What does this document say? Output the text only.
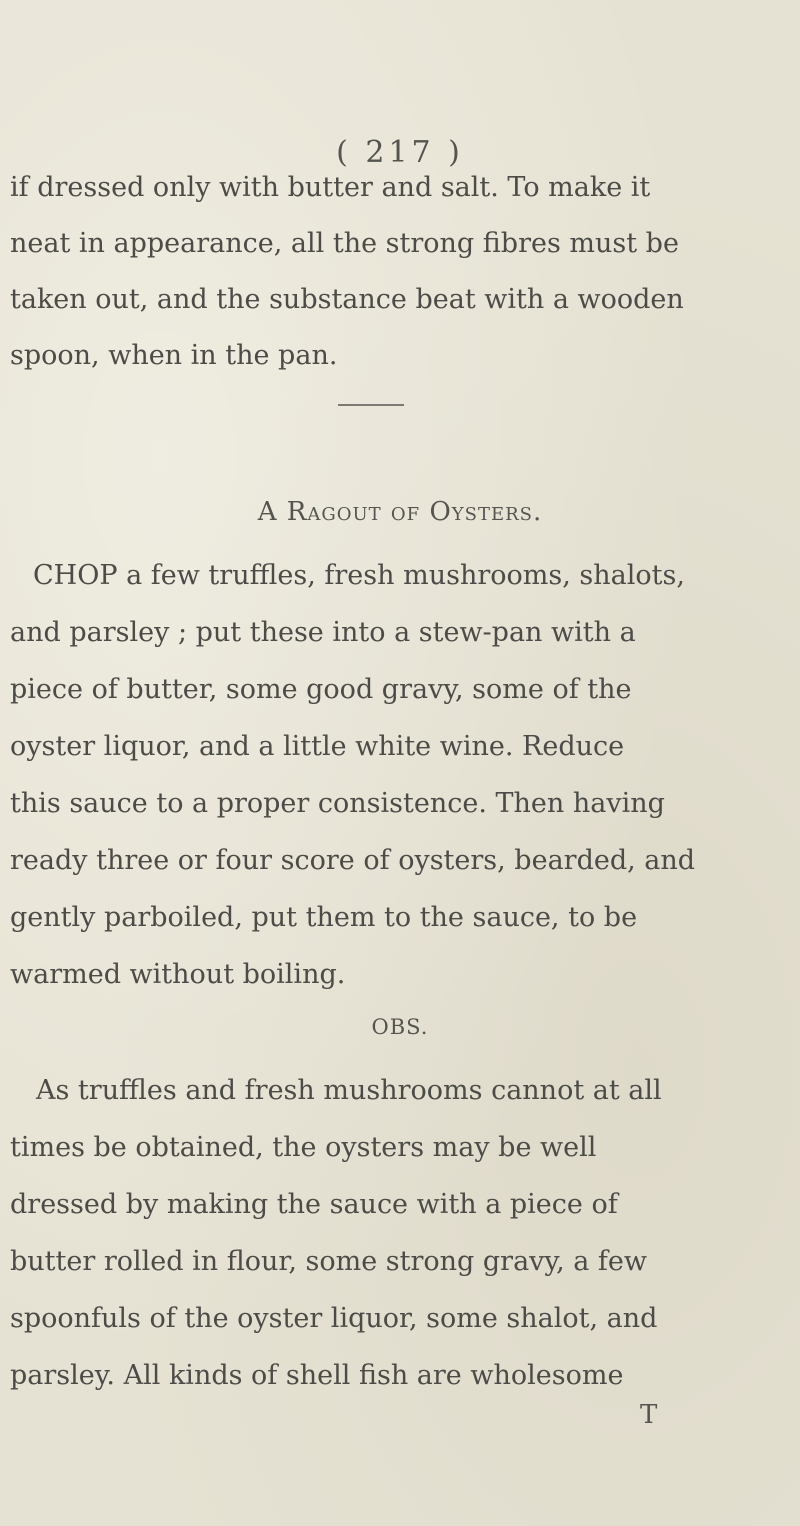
( 217 )
if dressed only with butter and salt. To make it
neat in appearance, all the strong fibres must be
taken out, and the substance beat with a wooden
spoon, when in the pan.
A Ragout of Oysters.
CHOP a few truffles, fresh mushrooms, shalots,
and parsley ; put these into a stew-pan with a
piece of butter, some good gravy, some of the
oyster liquor, and a little white wine. Reduce
this sauce to a proper consistence. Then having
ready three or four score of oysters, bearded, and
gently parboiled, put them to the sauce, to be
warmed without boiling.
OBS.
As truffles and fresh mushrooms cannot at all
times be obtained, the oysters may be well
dressed by making the sauce with a piece of
butter rolled in flour, some strong gravy, a few
spoonfuls of the oyster liquor, some shalot, and
parsley. All kinds of shell fish are wholesome
T
